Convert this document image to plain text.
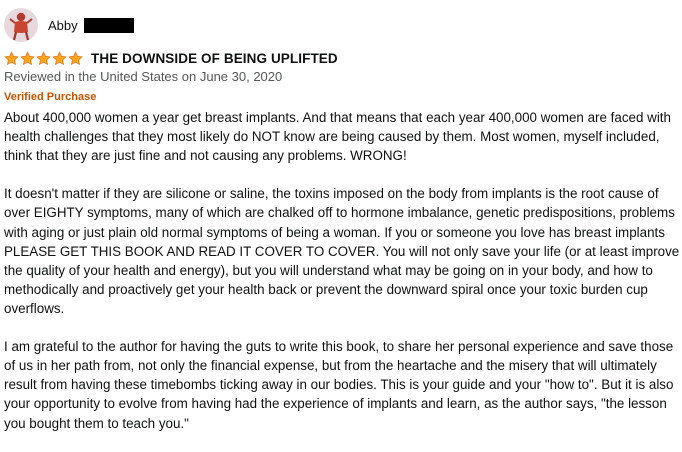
Abby
THE DOWNSIDE OF BEING UPLIFTED
Reviewed in the United States on June 30, 2020
Verified Purchase

About 400,000 women a year get breast implants. And that means that each year 400,000 women are faced with health challenges that they most likely do NOT know are being caused by them. Most women, myself included, think that they are just fine and not causing any problems. WRONG!

It doesn't matter if they are silicone or saline, the toxins imposed on the body from implants is the root cause of over EIGHTY symptoms, many of which are chalked off to hormone imbalance, genetic predispositions, problems with aging or just plain old normal symptoms of being a woman. If you or someone you love has breast implants PLEASE GET THIS BOOK AND READ IT COVER TO COVER. You will not only save your life (or at least improve the quality of your health and energy), but you will understand what may be going on in your body, and how to methodically and proactively get your health back or prevent the downward spiral once your toxic burden cup overflows.

I am grateful to the author for having the guts to write this book, to share her personal experience and save those of us in her path from, not only the financial expense, but from the heartache and the misery that will ultimately result from having these timebombs ticking away in our bodies. This is your guide and your "how to". But it is also your opportunity to evolve from having had the experience of implants and learn, as the author says, "the lesson you bought them to teach you."
